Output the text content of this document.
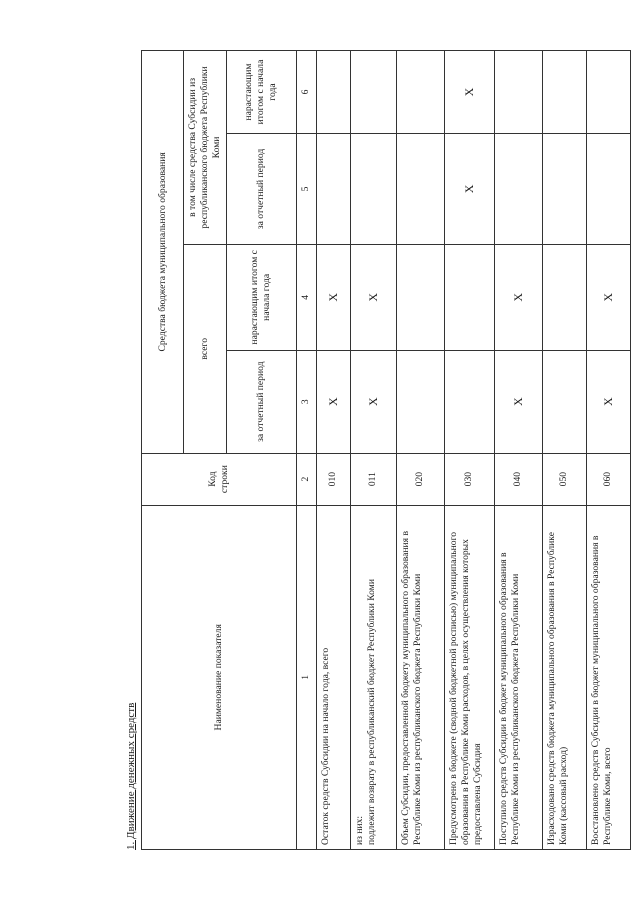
1. Движение денежных средств
Наименование показателя	Код строки	Средства бюджета муниципального образования			
		всего		в том числе средства Субсидии из республиканского бюджета Республики Коми	
		за отчетный период	нарастающим итогом с начала года	за отчетный период	нарастающим итогом с начала года
1	2	3	4	5	6
Остаток средств Субсидии на начало года, всего	010	X	X		
из них:
подлежит возврату в республиканский бюджет Республики Коми	011	X	X		
Объем Субсидии, предоставленной бюджету муниципального образования в Республике Коми из республиканского бюджета Республики Коми	020				
Предусмотрено в бюджете (сводной бюджетной росписью) муниципального образования в Республике Коми расходов, в целях осуществления которых предоставлена Субсидия	030			X	X
Поступило средств Субсидии в бюджет муниципального образования в Республике Коми из республиканского бюджета Республики Коми	040	X	X		
Израсходовано средств бюджета муниципального образования в Республике Коми (кассовый расход)	050				
Восстановлено средств Субсидии в бюджет муниципального образования в Республике Коми, всего	060	X	X		
